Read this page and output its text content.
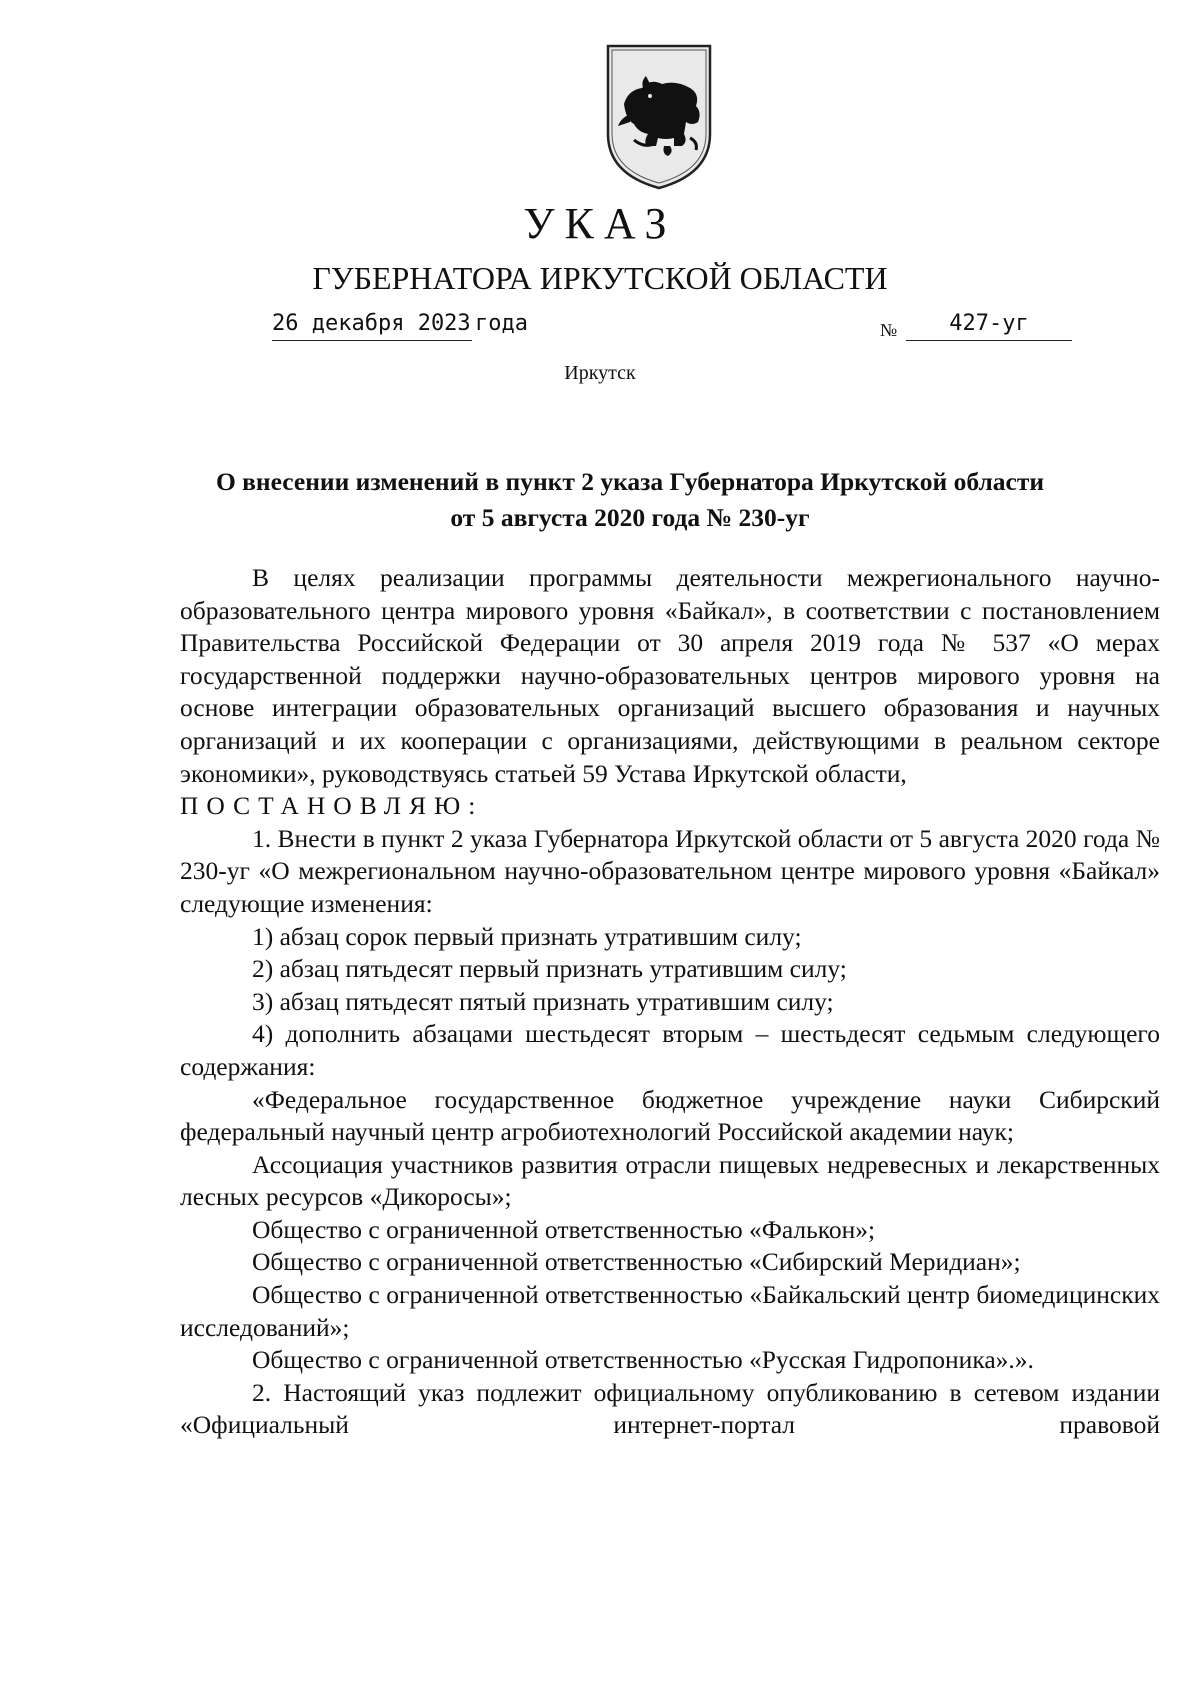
УКАЗ
ГУБЕРНАТОРА ИРКУТСКОЙ ОБЛАСТИ
26 декабря 2023 года	№	427-уг
Иркутск
О внесении изменений в пункт 2 указа Губернатора Иркутской области
от 5 августа 2020 года № 230-уг

В целях реализации программы деятельности межрегионального научно-образовательного центра мирового уровня «Байкал», в соответствии с постановлением Правительства Российской Федерации от 30 апреля 2019 года № 537 «О мерах государственной поддержки научно-образовательных центров мирового уровня на основе интеграции образовательных организаций высшего образования и научных организаций и их кооперации с организациями, действующими в реальном секторе экономики», руководствуясь статьей 59 Устава Иркутской области,

ПОСТАНОВЛЯЮ:

1. Внести в пункт 2 указа Губернатора Иркутской области от 5 августа 2020 года № 230-уг «О межрегиональном научно-образовательном центре мирового уровня «Байкал» следующие изменения:

1) абзац сорок первый признать утратившим силу;

2) абзац пятьдесят первый признать утратившим силу;

3) абзац пятьдесят пятый признать утратившим силу;

4) дополнить абзацами шестьдесят вторым – шестьдесят седьмым следующего содержания:

«Федеральное государственное бюджетное учреждение науки Сибирский федеральный научный центр агробиотехнологий Российской академии наук;

Ассоциация участников развития отрасли пищевых недревесных и лекарственных лесных ресурсов «Дикоросы»;

Общество с ограниченной ответственностью «Фалькон»;

Общество с ограниченной ответственностью «Сибирский Меридиан»;

Общество с ограниченной ответственностью «Байкальский центр биомедицинских исследований»;

Общество с ограниченной ответственностью «Русская Гидропоника».».

2. Настоящий указ подлежит официальному опубликованию в сетевом издании «Официальный интернет-портал правовой
